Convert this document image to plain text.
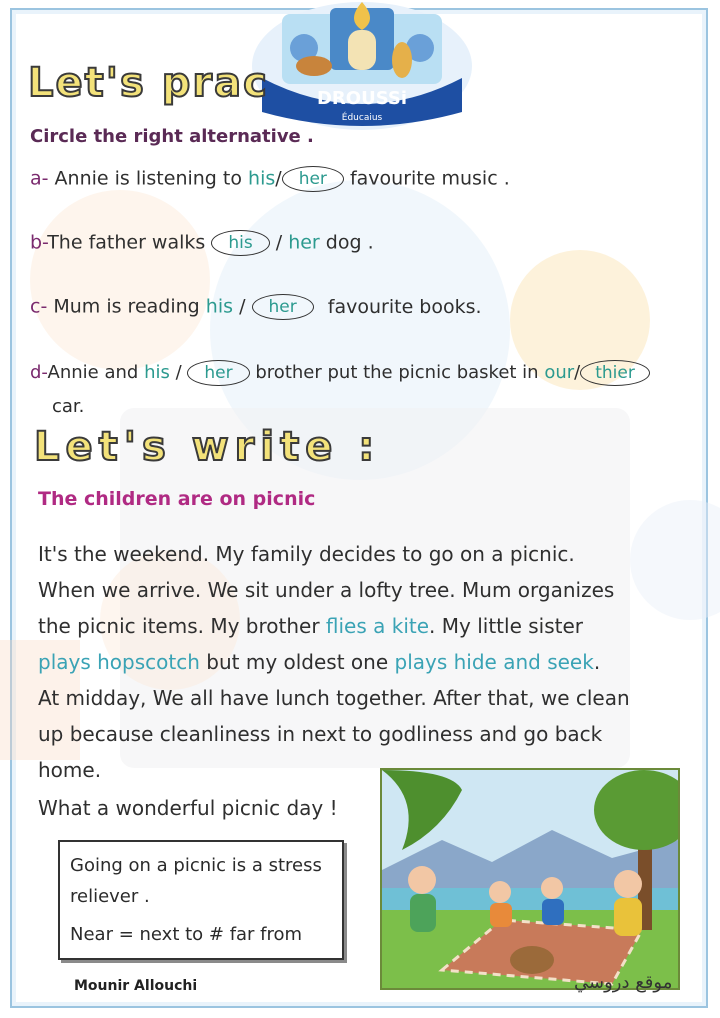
DROUSSi
Éducaius
Let's prac
Circle the right alternative .
a- Annie is listening to his/ her favourite music .
b-The father walks his / her dog .
c- Mum is reading his / her favourite books.
d-Annie and his / her brother put the picnic basket in our/ thier
car.
Let's write :
The children are on picnic

It's the weekend. My family decides to go on a picnic.

When we arrive. We sit under a lofty tree. Mum organizes

the picnic items. My brother flies a kite. My little sister

plays hopscotch but my oldest one plays hide and seek.

At midday, We all have lunch together. After that, we clean

up because cleanliness in next to godliness and go back

home.

What a wonderful picnic day !
Going on a picnic is a stress reliever .
Near = next to # far from
Mounir Allouchi	موقع دروسي
